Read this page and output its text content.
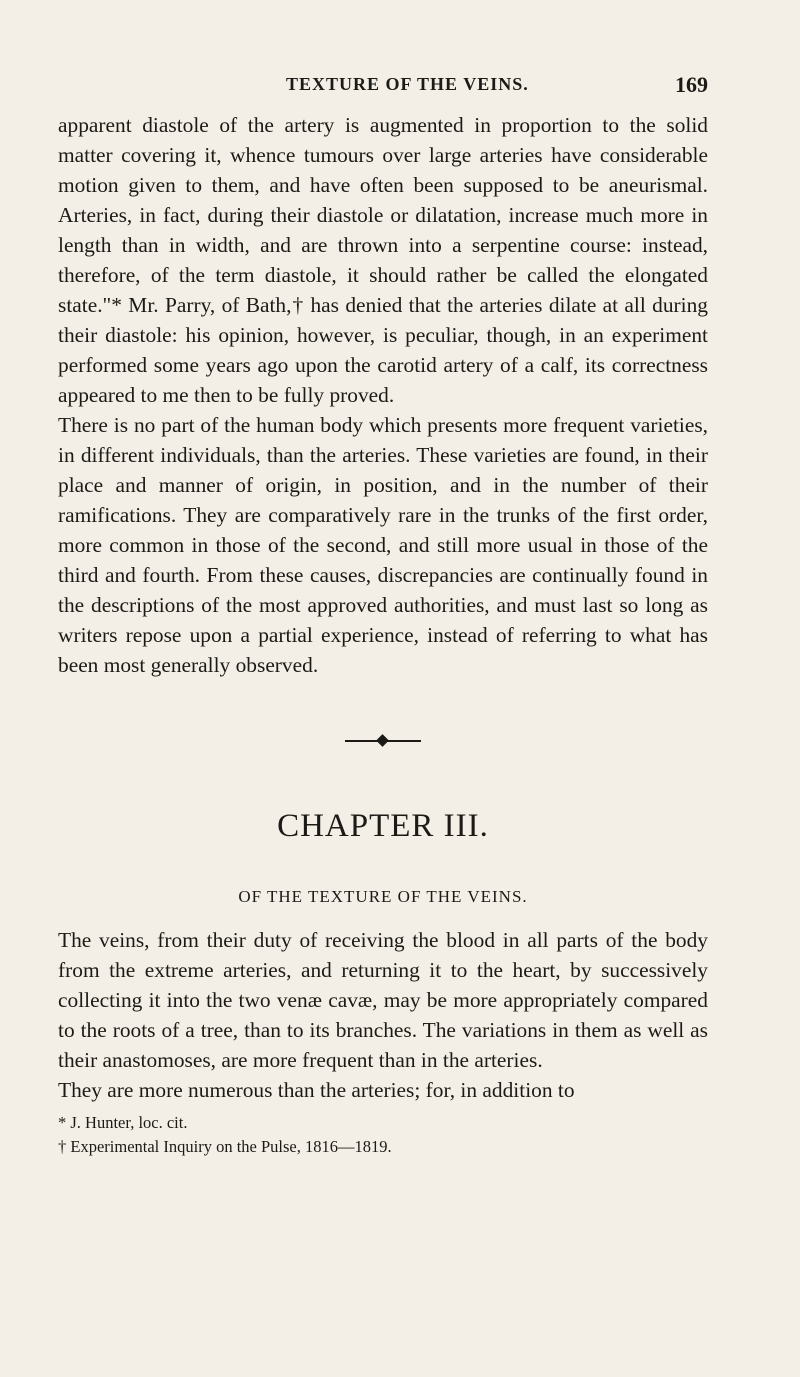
TEXTURE OF THE VEINS.	169

apparent diastole of the artery is augmented in proportion to the solid matter covering it, whence tumours over large arteries have considerable motion given to them, and have often been supposed to be aneurismal. Arteries, in fact, during their diastole or dilatation, increase much more in length than in width, and are thrown into a serpentine course: instead, therefore, of the term diastole, it should rather be called the elongated state."* Mr. Parry, of Bath,† has denied that the arteries dilate at all during their diastole: his opinion, however, is peculiar, though, in an experiment performed some years ago upon the carotid artery of a calf, its correctness appeared to me then to be fully proved.

There is no part of the human body which presents more frequent varieties, in different individuals, than the arteries. These varieties are found, in their place and manner of origin, in position, and in the number of their ramifications. They are comparatively rare in the trunks of the first order, more common in those of the second, and still more usual in those of the third and fourth. From these causes, discrepancies are continually found in the descriptions of the most approved authorities, and must last so long as writers repose upon a partial experience, instead of referring to what has been most generally observed.

CHAPTER III.
OF THE TEXTURE OF THE VEINS.

The veins, from their duty of receiving the blood in all parts of the body from the extreme arteries, and returning it to the heart, by successively collecting it into the two venæ cavæ, may be more appropriately compared to the roots of a tree, than to its branches. The variations in them as well as their anastomoses, are more frequent than in the arteries.

They are more numerous than the arteries; for, in addition to

* J. Hunter, loc. cit.

† Experimental Inquiry on the Pulse, 1816—1819.
